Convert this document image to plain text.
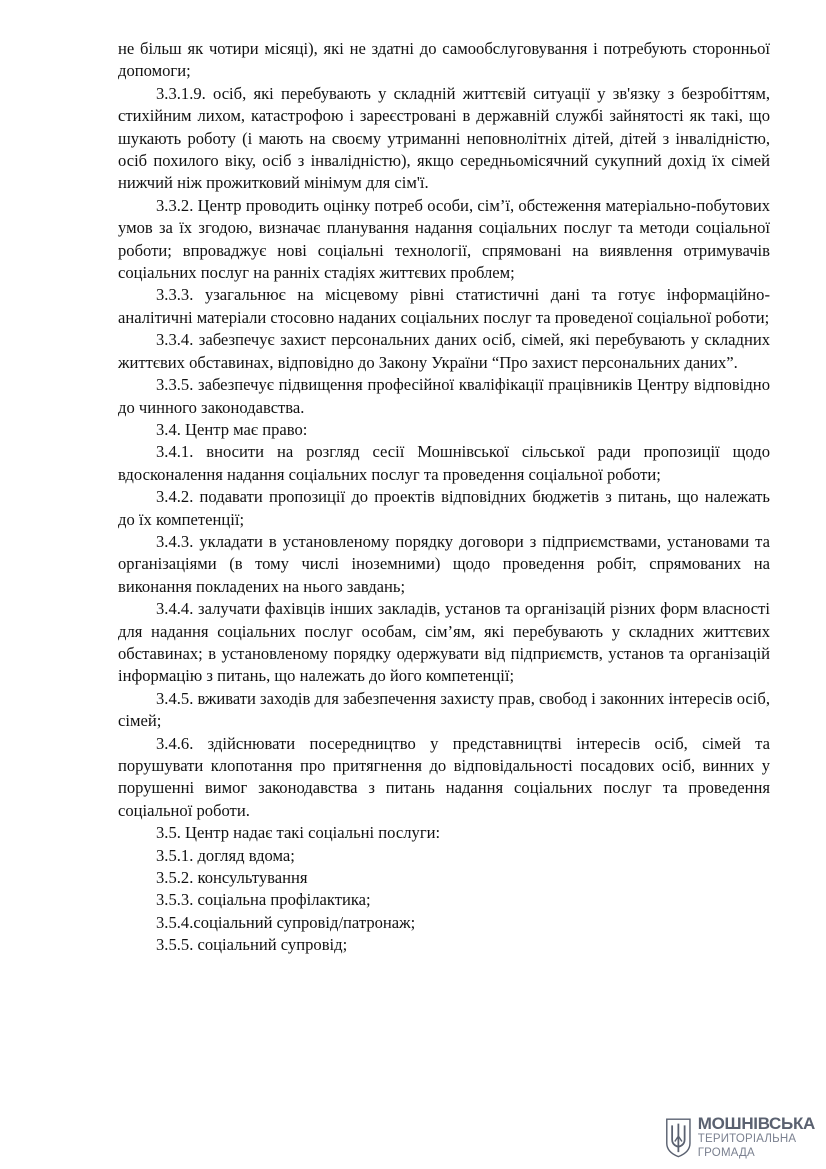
не більш як чотири місяці), які не здатні до самообслуговування і потребують сторонньої допомоги;

3.3.1.9. осіб, які перебувають у складній життєвій ситуації у зв'язку з безробіттям, стихійним лихом, катастрофою і зареєстровані в державній службі зайнятості як такі, що шукають роботу (і мають на своєму утриманні неповнолітніх дітей, дітей з інвалідністю, осіб похилого віку, осіб з інвалідністю), якщо середньомісячний сукупний дохід їх сімей нижчий ніж прожитковий мінімум для сім'ї.

3.3.2. Центр проводить оцінку потреб особи, сім’ї, обстеження матеріально-побутових умов за їх згодою, визначає планування надання соціальних послуг та методи соціальної роботи; впроваджує нові соціальні технології, спрямовані на виявлення отримувачів соціальних послуг на ранніх стадіях життєвих проблем;

3.3.3. узагальнює на місцевому рівні статистичні дані та готує інформаційно-аналітичні матеріали стосовно наданих соціальних послуг та проведеної соціальної роботи;

3.3.4. забезпечує захист персональних даних осіб, сімей, які перебувають у складних життєвих обставинах, відповідно до Закону України “Про захист персональних даних”.

3.3.5. забезпечує підвищення професійної кваліфікації працівників Центру відповідно до чинного законодавства.

3.4. Центр має право:

3.4.1. вносити на розгляд сесії Мошнівської сільської ради пропозиції щодо вдосконалення надання соціальних послуг та проведення соціальної роботи;

3.4.2. подавати пропозиції до проектів відповідних бюджетів з питань, що належать до їх компетенції;

3.4.3. укладати в установленому порядку договори з підприємствами, установами та організаціями (в тому числі іноземними) щодо проведення робіт, спрямованих на виконання покладених на нього завдань;

3.4.4. залучати фахівців інших закладів, установ та організацій різних форм власності для надання соціальних послуг особам, сім’ям, які перебувають у складних життєвих обставинах; в установленому порядку одержувати від підприємств, установ та організацій інформацію з питань, що належать до його компетенції;

3.4.5. вживати заходів для забезпечення захисту прав, свобод і законних інтересів осіб, сімей;

3.4.6. здійснювати посередництво у представництві інтересів осіб, сімей та порушувати клопотання про притягнення до відповідальності посадових осіб, винних у порушенні вимог законодавства з питань надання соціальних послуг та проведення соціальної роботи.

3.5. Центр надає такі соціальні послуги:

3.5.1. догляд вдома;

3.5.2. консультування

3.5.3. соціальна профілактика;

3.5.4.соціальний супровід/патронаж;

3.5.5. соціальний супровід;

МОШНІВСЬКА
ТЕРИТОРІАЛЬНА
ГРОМАДА
